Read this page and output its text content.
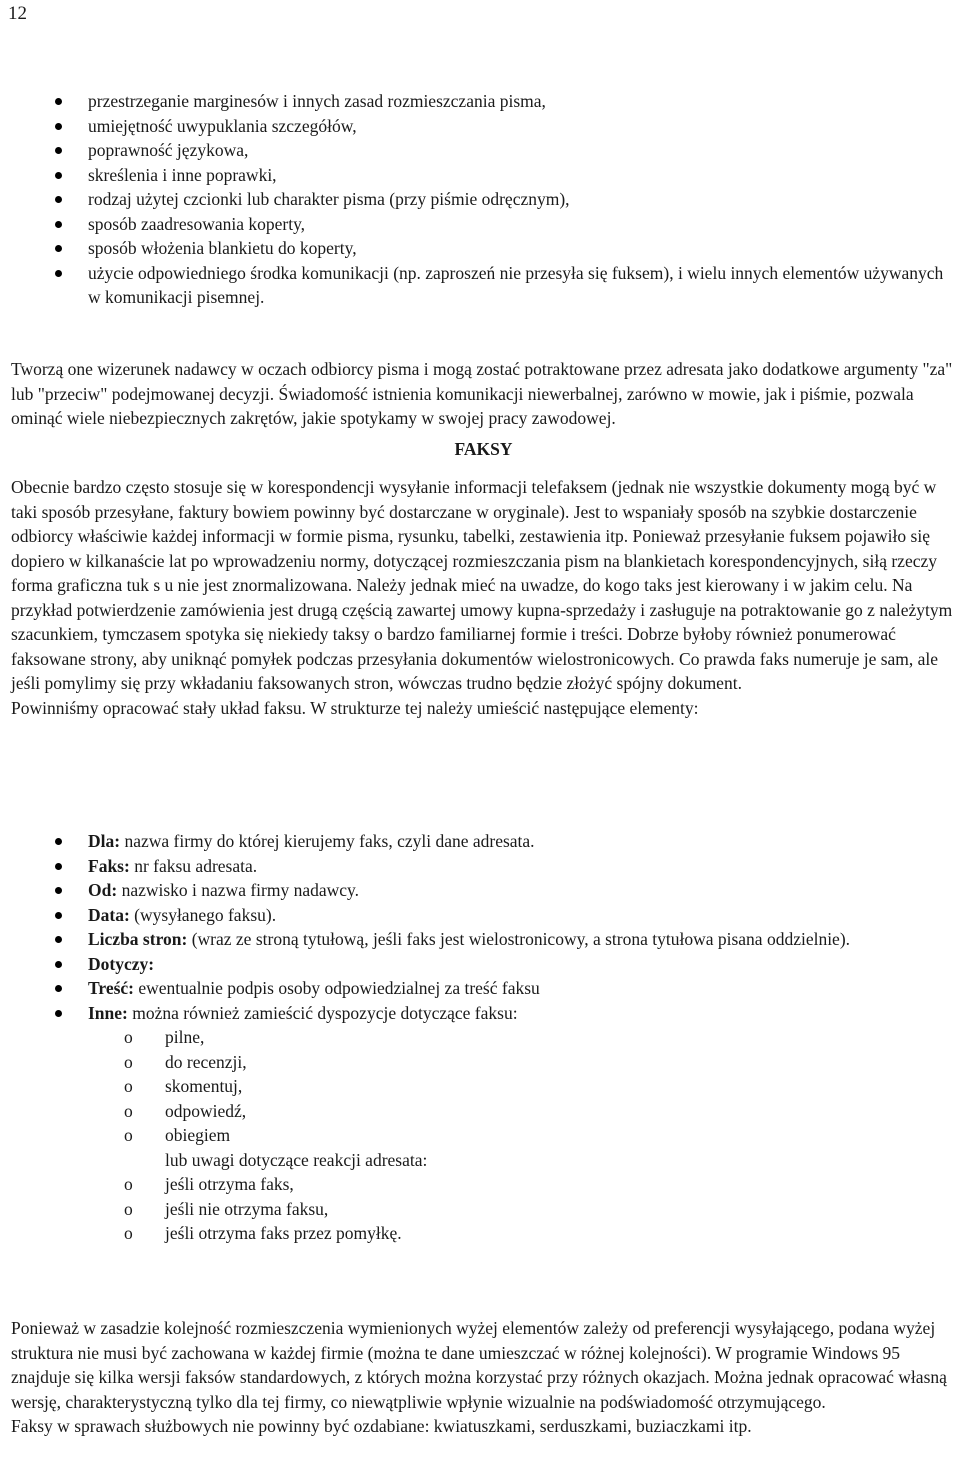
12
przestrzeganie marginesów i innych zasad rozmieszczania pisma,
umiejętność uwypuklania szczegółów,
poprawność językowa,
skreślenia i inne poprawki,
rodzaj użytej czcionki lub charakter pisma (przy piśmie odręcznym),
sposób zaadresowania koperty,
sposób włożenia blankietu do koperty,
użycie odpowiedniego środka komunikacji (np. zaproszeń nie przesyła się fuksem), i wielu innych elementów używanych w komunikacji pisemnej.

Tworzą one wizerunek nadawcy w oczach odbiorcy pisma i mogą zostać potraktowane przez adresata jako dodatkowe argumenty "za" lub "przeciw" podejmowanej decyzji. Świadomość istnienia komunikacji niewerbalnej, zarówno w mowie, jak i piśmie, pozwala ominąć wiele niebezpiecznych zakrętów, jakie spotykamy w swojej pracy zawodowej.

FAKSY

Obecnie bardzo często stosuje się w korespondencji wysyłanie informacji telefaksem (jednak nie wszystkie dokumenty mogą być w taki sposób przesyłane, faktury bowiem powinny być dostarczane w oryginale). Jest to wspaniały sposób na szybkie dostarczenie odbiorcy właściwie każdej informacji w formie pisma, rysunku, tabelki, zestawienia itp. Ponieważ przesyłanie fuksem pojawiło się dopiero w kilkanaście lat po wprowadzeniu normy, dotyczącej rozmieszczania pism na blankietach korespondencyjnych, siłą rzeczy forma graficzna tuk s u nie jest znormalizowana. Należy jednak mieć na uwadze, do kogo taks jest kierowany i w jakim celu. Na przykład potwierdzenie zamówienia jest drugą częścią zawartej umowy kupna-sprzedaży i zasługuje na potraktowanie go z należytym szacunkiem, tymczasem spotyka się niekiedy taksy o bardzo familiarnej formie i treści. Dobrze byłoby również ponumerować faksowane strony, aby uniknąć pomyłek podczas przesyłania dokumentów wielostronicowych. Co prawda faks numeruje je sam, ale jeśli pomylimy się przy wkładaniu faksowanych stron, wówczas trudno będzie złożyć spójny dokument.

Powinniśmy opracować stały układ faksu. W strukturze tej należy umieścić następujące elementy:

Dla: nazwa firmy do której kierujemy faks, czyli dane adresata.
Faks: nr faksu adresata.
Od: nazwisko i nazwa firmy nadawcy.
Data: (wysyłanego faksu).
Liczba stron: (wraz ze stroną tytułową, jeśli faks jest wielostronicowy, a strona tytułowa pisana oddzielnie).
Dotyczy:
Treść: ewentualnie podpis osoby odpowiedzialnej za treść faksu
Inne: można również zamieścić dyspozycje dotyczące faksu:
o pilne,
o do recenzji,
o skomentuj,
o odpowiedź,
o obiegiem
lub uwagi dotyczące reakcji adresata:
o jeśli otrzyma faks,
o jeśli nie otrzyma faksu,
o jeśli otrzyma faks przez pomyłkę.

Ponieważ w zasadzie kolejność rozmieszczenia wymienionych wyżej elementów zależy od preferencji wysyłającego, podana wyżej struktura nie musi być zachowana w każdej firmie (można te dane umieszczać w różnej kolejności). W programie Windows 95 znajduje się kilka wersji faksów standardowych, z których można korzystać przy różnych okazjach. Można jednak opracować własną wersję, charakterystyczną tylko dla tej firmy, co niewątpliwie wpłynie wizualnie na podświadomość otrzymującego.

Faksy w sprawach służbowych nie powinny być ozdabiane: kwiatuszkami, serduszkami, buziaczkami itp.
